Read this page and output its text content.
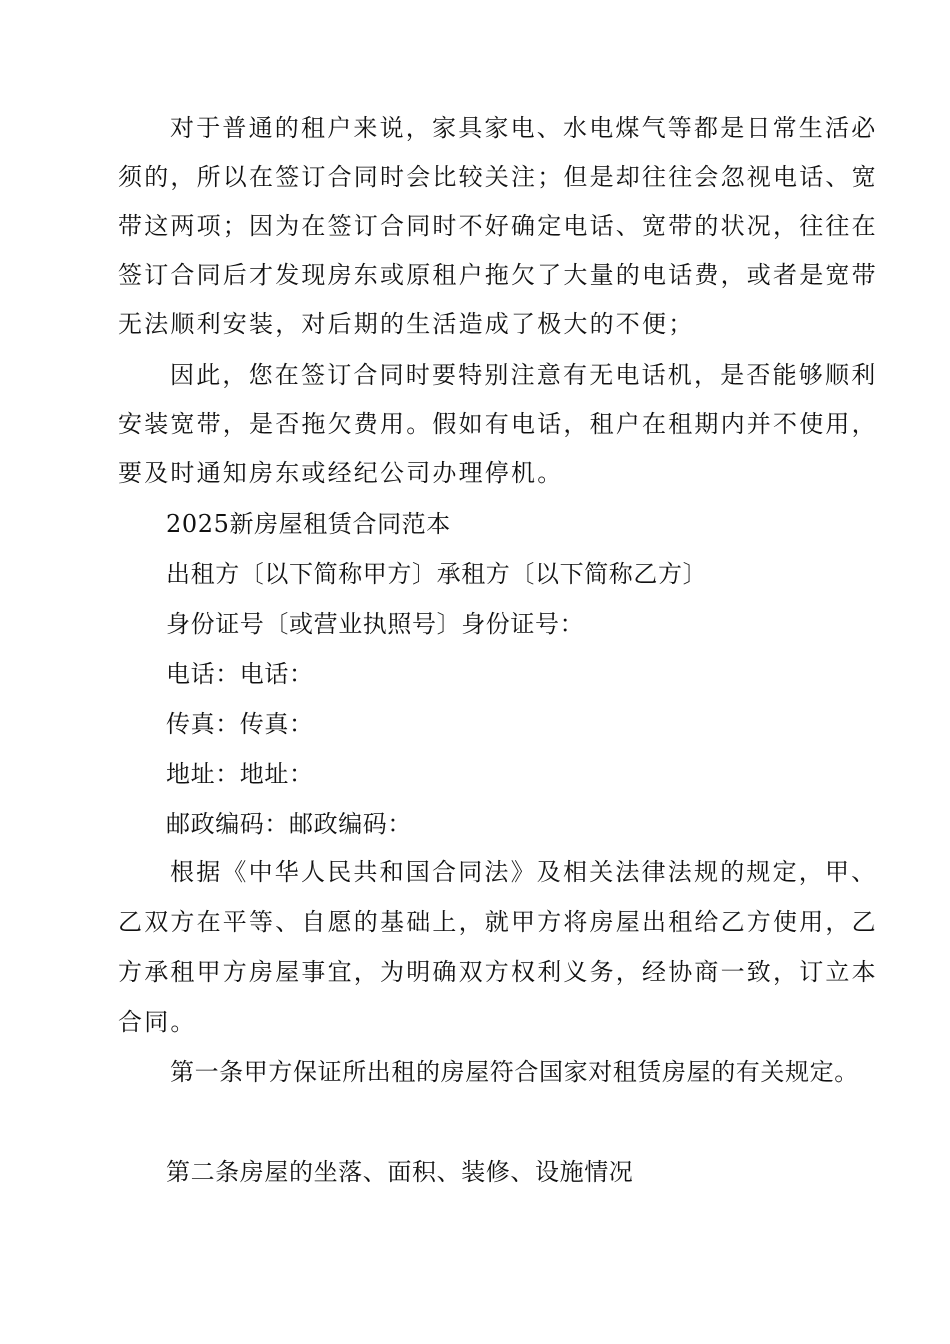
对于普通的租户来说，家具家电、水电煤气等都是日常生活必
须的，所以在签订合同时会比较关注；但是却往往会忽视电话、宽
带这两项；因为在签订合同时不好确定电话、宽带的状况，往往在
签订合同后才发现房东或原租户拖欠了大量的电话费，或者是宽带
无法顺利安装，对后期的生活造成了极大的不便；
因此，您在签订合同时要特别注意有无电话机，是否能够顺利
安装宽带，是否拖欠费用。假如有电话，租户在租期内并不使用，
要及时通知房东或经纪公司办理停机。
2025新房屋租赁合同范本
出租方〔以下简称甲方〕承租方〔以下简称乙方〕
身份证号〔或营业执照号〕身份证号：
电话：电话：
传真：传真：
地址：地址：
邮政编码：邮政编码：
根据《中华人民共和国合同法》及相关法律法规的规定，甲、
乙双方在平等、自愿的基础上，就甲方将房屋出租给乙方使用，乙
方承租甲方房屋事宜，为明确双方权利义务，经协商一致，订立本
合同。
第一条甲方保证所出租的房屋符合国家对租赁房屋的有关规定。
第二条房屋的坐落、面积、装修、设施情况
